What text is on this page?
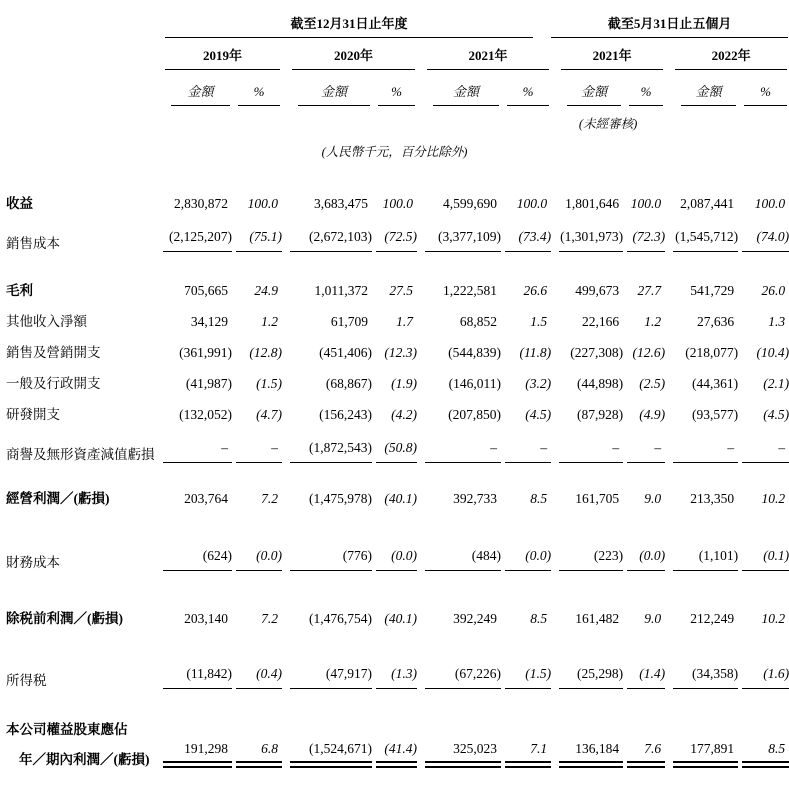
	截至12月31日止年度						截至5月31日止五個月			

	2019年		2020年		2021年		2021年		2022年	

	金額	%	金額	%	金額	%	金額	%	金額	%

							(未經審核)			
(人民幣千元，百分比除外)										

收益	2,830,872	100.0	3,683,475	100.0	4,599,690	100.0	1,801,646	100.0	2,087,441	100.0

銷售成本	(2,125,207)	(75.1)	(2,672,103)	(72.5)	(3,377,109)	(73.4)	(1,301,973)	(72.3)	(1,545,712)	(74.0)

毛利	705,665	24.9	1,011,372	27.5	1,222,581	26.6	499,673	27.7	541,729	26.0

其他收入淨額	34,129	1.2	61,709	1.7	68,852	1.5	22,166	1.2	27,636	1.3

銷售及營銷開支	(361,991)	(12.8)	(451,406)	(12.3)	(544,839)	(11.8)	(227,308)	(12.6)	(218,077)	(10.4)

一般及行政開支	(41,987)	(1.5)	(68,867)	(1.9)	(146,011)	(3.2)	(44,898)	(2.5)	(44,361)	(2.1)

研發開支	(132,052)	(4.7)	(156,243)	(4.2)	(207,850)	(4.5)	(87,928)	(4.9)	(93,577)	(4.5)

商譽及無形資產減值虧損	–	–	(1,872,543)	(50.8)	–	–	–	–	–	–

經營利潤／(虧損)	203,764	7.2	(1,475,978)	(40.1)	392,733	8.5	161,705	9.0	213,350	10.2

財務成本	(624)	(0.0)	(776)	(0.0)	(484)	(0.0)	(223)	(0.0)	(1,101)	(0.1)

除税前利潤／(虧損)	203,140	7.2	(1,476,754)	(40.1)	392,249	8.5	161,482	9.0	212,249	10.2

所得税	(11,842)	(0.4)	(47,917)	(1.3)	(67,226)	(1.5)	(25,298)	(1.4)	(34,358)	(1.6)

本公司權益股東應佔										

年／期內利潤／(虧損)	191,298	6.8	(1,524,671)	(41.4)	325,023	7.1	136,184	7.6	177,891	8.5
